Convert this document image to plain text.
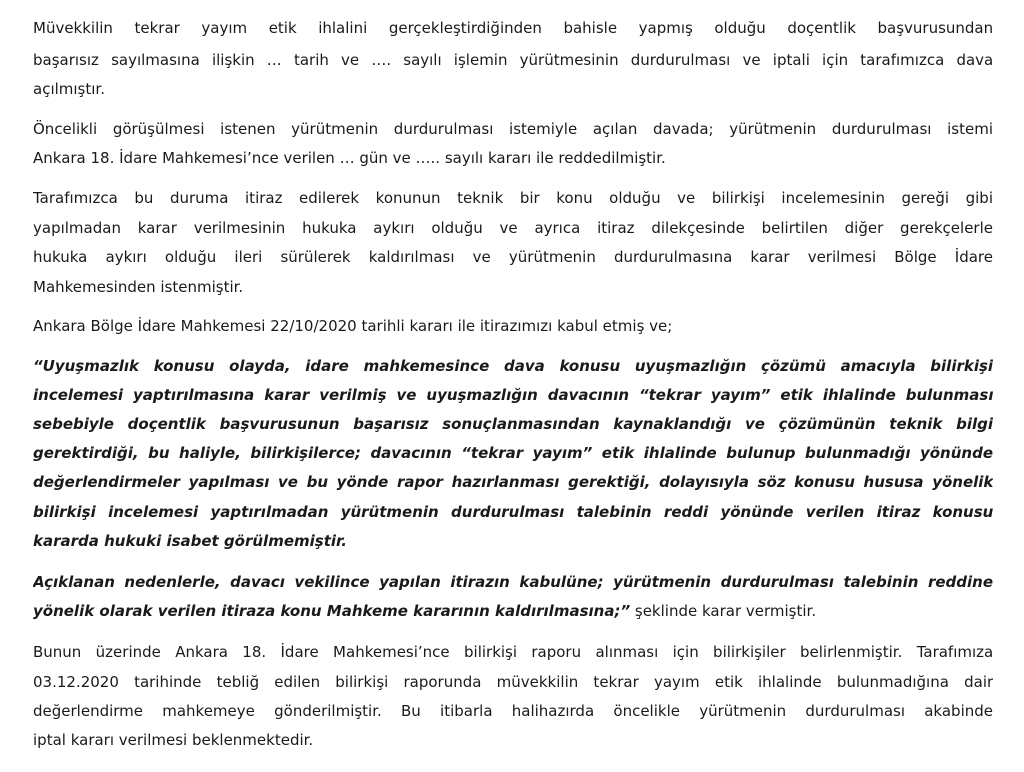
Müvekkilin tekrar yayım etik ihlalini gerçekleştirdiğinden bahisle yapmış olduğu doçentlik başvurusundan
başarısız sayılmasına ilişkin … tarih ve …. sayılı işlemin yürütmesinin durdurulması ve iptali için tarafımızca dava
açılmıştır.
Öncelikli görüşülmesi istenen yürütmenin durdurulması istemiyle açılan davada; yürütmenin durdurulması istemi
Ankara 18. İdare Mahkemesi’nce verilen … gün ve ….. sayılı kararı ile reddedilmiştir.
Tarafımızca bu duruma itiraz edilerek konunun teknik bir konu olduğu ve bilirkişi incelemesinin gereği gibi
yapılmadan karar verilmesinin hukuka aykırı olduğu ve ayrıca itiraz dilekçesinde belirtilen diğer gerekçelerle
hukuka aykırı olduğu ileri sürülerek kaldırılması ve yürütmenin durdurulmasına karar verilmesi Bölge İdare
Mahkemesinden istenmiştir.
Ankara Bölge İdare Mahkemesi 22/10/2020 tarihli kararı ile itirazımızı kabul etmiş ve;
“Uyuşmazlık konusu olayda, idare mahkemesince dava konusu uyuşmazlığın çözümü amacıyla bilirkişi
incelemesi yaptırılmasına karar verilmiş ve uyuşmazlığın davacının “tekrar yayım” etik ihlalinde bulunması
sebebiyle doçentlik başvurusunun başarısız sonuçlanmasından kaynaklandığı ve çözümünün teknik bilgi
gerektirdiği, bu haliyle, bilirkişilerce; davacının “tekrar yayım” etik ihlalinde bulunup bulunmadığı yönünde
değerlendirmeler yapılması ve bu yönde rapor hazırlanması gerektiği, dolayısıyla söz konusu hususa yönelik
bilirkişi incelemesi yaptırılmadan yürütmenin durdurulması talebinin reddi yönünde verilen itiraz konusu
kararda hukuki isabet görülmemiştir.
Açıklanan nedenlerle, davacı vekilince yapılan itirazın kabulüne; yürütmenin durdurulması talebinin reddine
yönelik olarak verilen itiraza konu Mahkeme kararının kaldırılmasına;” şeklinde karar vermiştir.
Bunun üzerinde Ankara 18. İdare Mahkemesi’nce bilirkişi raporu alınması için bilirkişiler belirlenmiştir. Tarafımıza
03.12.2020 tarihinde tebliğ edilen bilirkişi raporunda müvekkilin tekrar yayım etik ihlalinde bulunmadığına dair
değerlendirme mahkemeye gönderilmiştir. Bu itibarla halihazırda öncelikle yürütmenin durdurulması akabinde
iptal kararı verilmesi beklenmektedir.
